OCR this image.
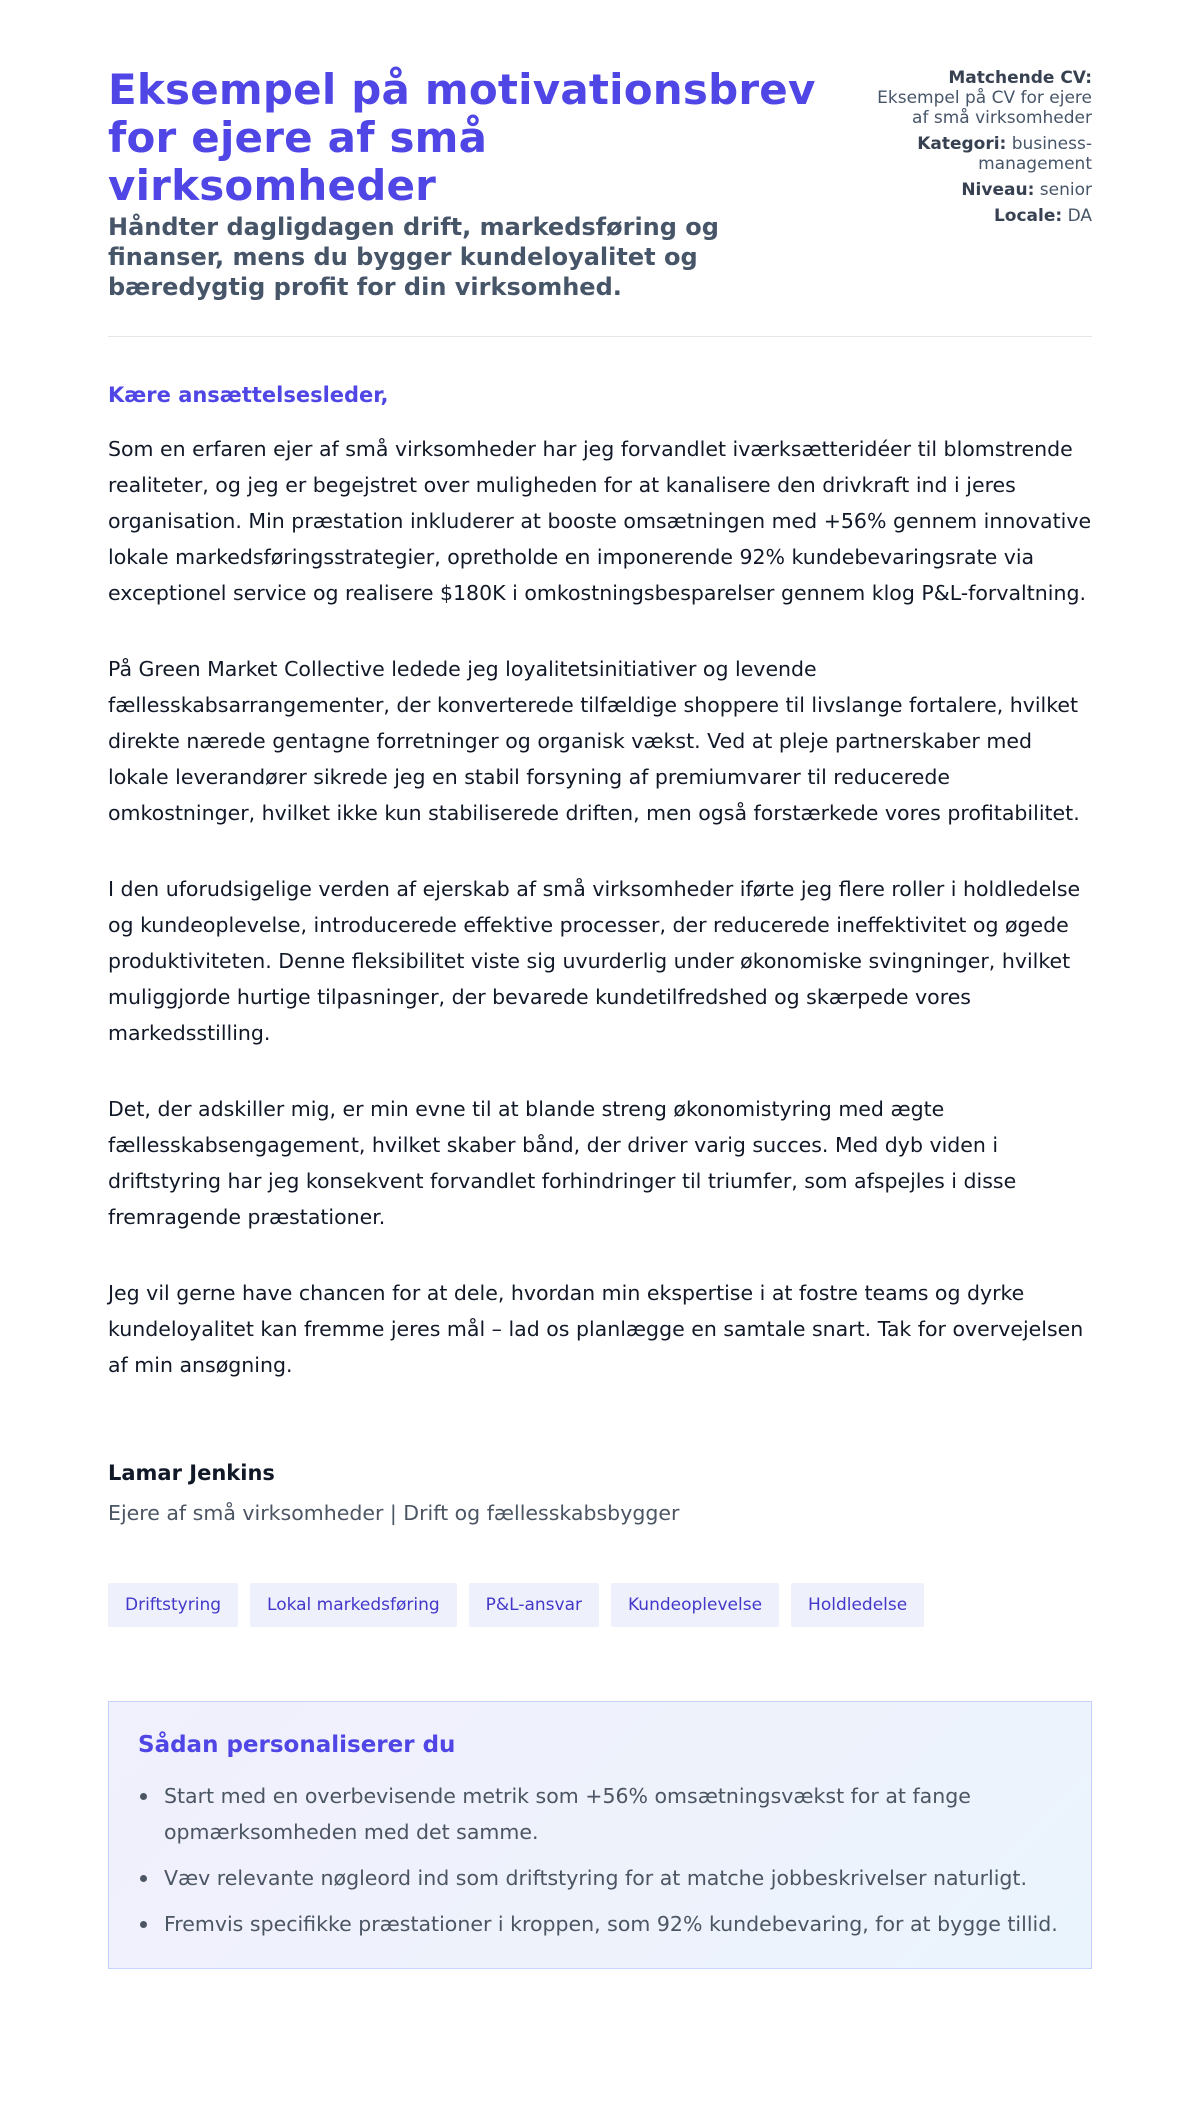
Eksempel på motivationsbrev for ejere af små virksomheder
Håndter dagligdagen drift, markedsføring og finanser, mens du bygger kundeloyalitet og bæredygtig profit for din virksomhed.
Matchende CV:
Eksempel på CV for ejere af små virksomheder
Kategori: business-management
Niveau: senior
Locale: DA

Kære ansættelsesleder,

Som en erfaren ejer af små virksomheder har jeg forvandlet iværksætteridéer til blomstrende realiteter, og jeg er begejstret over muligheden for at kanalisere den drivkraft ind i jeres organisation. Min præstation inkluderer at booste omsætningen med +56% gennem innovative lokale markedsføringsstrategier, opretholde en imponerende 92% kundebevaringsrate via exceptionel service og realisere $180K i omkostningsbesparelser gennem klog P&L-forvaltning.

På Green Market Collective ledede jeg loyalitetsinitiativer og levende fællesskabsarrangementer, der konverterede tilfældige shoppere til livslange fortalere, hvilket direkte nærede gentagne forretninger og organisk vækst. Ved at pleje partnerskaber med lokale leverandører sikrede jeg en stabil forsyning af premiumvarer til reducerede omkostninger, hvilket ikke kun stabiliserede driften, men også forstærkede vores profitabilitet.

I den uforudsigelige verden af ejerskab af små virksomheder iførte jeg flere roller i holdledelse og kundeoplevelse, introducerede effektive processer, der reducerede ineffektivitet og øgede produktiviteten. Denne fleksibilitet viste sig uvurderlig under økonomiske svingninger, hvilket muliggjorde hurtige tilpasninger, der bevarede kundetilfredshed og skærpede vores markedsstilling.

Det, der adskiller mig, er min evne til at blande streng økonomistyring med ægte fællesskabsengagement, hvilket skaber bånd, der driver varig succes. Med dyb viden i driftstyring har jeg konsekvent forvandlet forhindringer til triumfer, som afspejles i disse fremragende præstationer.

Jeg vil gerne have chancen for at dele, hvordan min ekspertise i at fostre teams og dyrke kundeloyalitet kan fremme jeres mål – lad os planlægge en samtale snart. Tak for overvejelsen af min ansøgning.

Lamar Jenkins
Ejere af små virksomheder | Drift og fællesskabsbygger
Driftstyring	Lokal markedsføring	P&L-ansvar	Kundeoplevelse	Holdledelse
Sådan personaliserer du
Start med en overbevisende metrik som +56% omsætningsvækst for at fange opmærksomheden med det samme.
Væv relevante nøgleord ind som driftstyring for at matche jobbeskrivelser naturligt.
Fremvis specifikke præstationer i kroppen, som 92% kundebevaring, for at bygge tillid.
